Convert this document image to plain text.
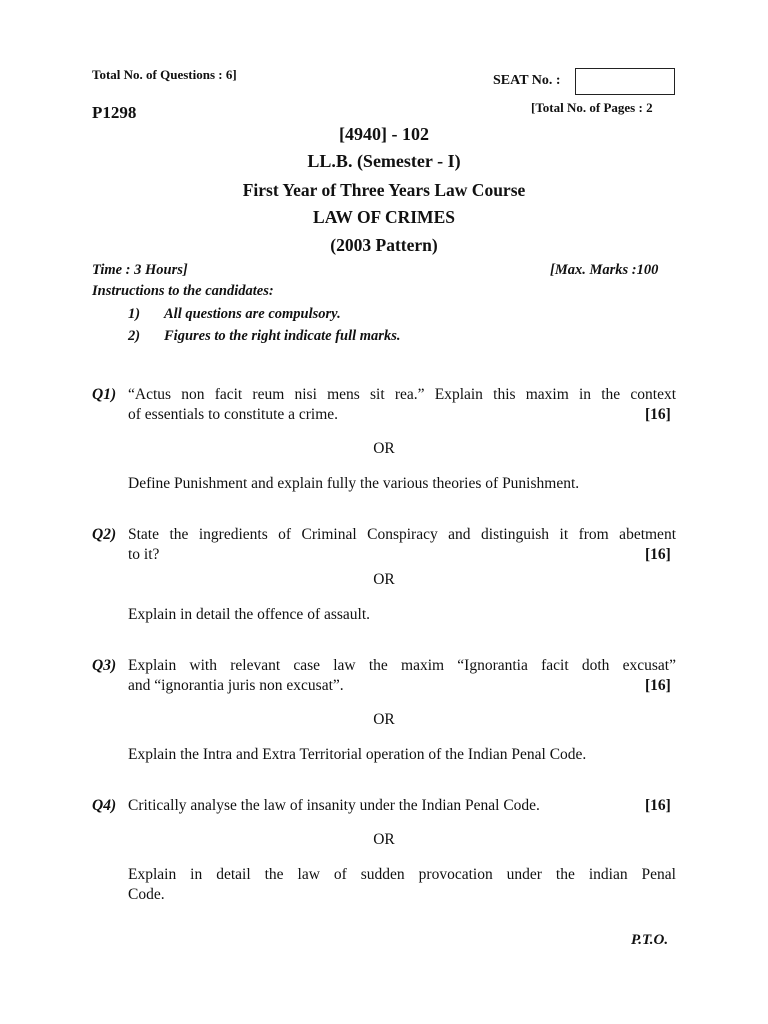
Total No. of Questions : 6]	SEAT No. :
P1298	[Total No. of Pages : 2
[4940] - 102
LL.B. (Semester - I)
First Year of Three Years Law Course
LAW OF CRIMES
(2003 Pattern)
Time : 3 Hours]	[Max. Marks :100
Instructions to the candidates:
1) All questions are compulsory.
2) Figures to the right indicate full marks.
Q1) “Actus non facit reum nisi mens sit rea.” Explain this maxim in the context
of essentials to constitute a crime.	[16]
OR
Define Punishment and explain fully the various theories of Punishment.
Q2) State the ingredients of Criminal Conspiracy and distinguish it from abetment
to it?	[16]
OR
Explain in detail the offence of assault.
Q3) Explain with relevant case law the maxim “Ignorantia facit doth excusat”
and “ignorantia juris non excusat”.	[16]
OR
Explain the Intra and Extra Territorial operation of the Indian Penal Code.
Q4) Critically analyse the law of insanity under the Indian Penal Code.	[16]
OR
Explain in detail the law of sudden provocation under the indian Penal
Code.
P.T.O.
